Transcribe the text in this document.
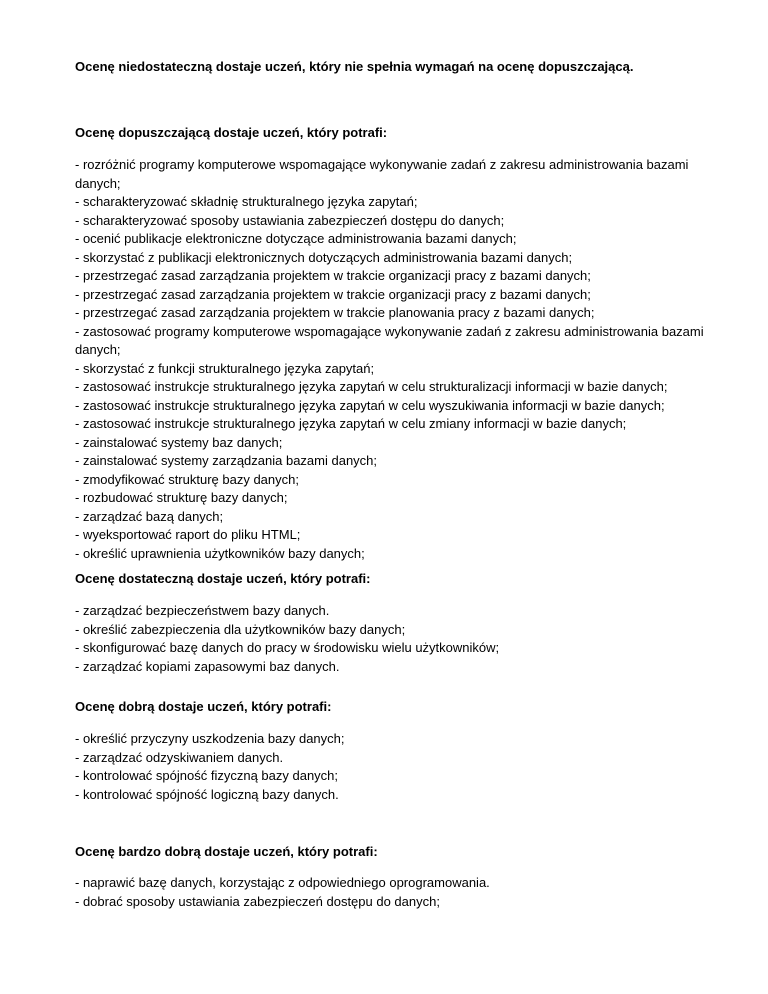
Ocenę niedostateczną dostaje uczeń, który nie spełnia wymagań na ocenę dopuszczającą.

Ocenę dopuszczającą dostaje uczeń, który potrafi:

- rozróżnić programy komputerowe wspomagające wykonywanie zadań z zakresu administrowania bazami danych;
- scharakteryzować składnię strukturalnego języka zapytań;
- scharakteryzować sposoby ustawiania zabezpieczeń dostępu do danych;
- ocenić publikacje elektroniczne dotyczące administrowania bazami danych;
- skorzystać z publikacji elektronicznych dotyczących administrowania bazami danych;
- przestrzegać zasad zarządzania projektem w trakcie organizacji pracy z bazami danych;
- przestrzegać zasad zarządzania projektem w trakcie organizacji pracy z bazami danych;
- przestrzegać zasad zarządzania projektem w trakcie planowania pracy z bazami danych;
- zastosować programy komputerowe wspomagające wykonywanie zadań z zakresu administrowania bazami danych;
- skorzystać z funkcji strukturalnego języka zapytań;
- zastosować instrukcje strukturalnego języka zapytań w celu strukturalizacji informacji w bazie danych;
- zastosować instrukcje strukturalnego języka zapytań w celu wyszukiwania informacji w bazie danych;
- zastosować instrukcje strukturalnego języka zapytań w celu zmiany informacji w bazie danych;
- zainstalować systemy baz danych;
- zainstalować systemy zarządzania bazami danych;
- zmodyfikować strukturę bazy danych;
- rozbudować strukturę bazy danych;
- zarządzać bazą danych;
- wyeksportować raport do pliku HTML;
- określić uprawnienia użytkowników bazy danych;

Ocenę dostateczną dostaje uczeń, który potrafi:

- zarządzać bezpieczeństwem bazy danych.
- określić zabezpieczenia dla użytkowników bazy danych;
- skonfigurować bazę danych do pracy w środowisku wielu użytkowników;
- zarządzać kopiami zapasowymi baz danych.

Ocenę dobrą dostaje uczeń, który potrafi:

- określić przyczyny uszkodzenia bazy danych;
- zarządzać odzyskiwaniem danych.
- kontrolować spójność fizyczną bazy danych;
- kontrolować spójność logiczną bazy danych.

Ocenę bardzo dobrą dostaje uczeń, który potrafi:

- naprawić bazę danych, korzystając z odpowiedniego oprogramowania.
- dobrać sposoby ustawiania zabezpieczeń dostępu do danych;
